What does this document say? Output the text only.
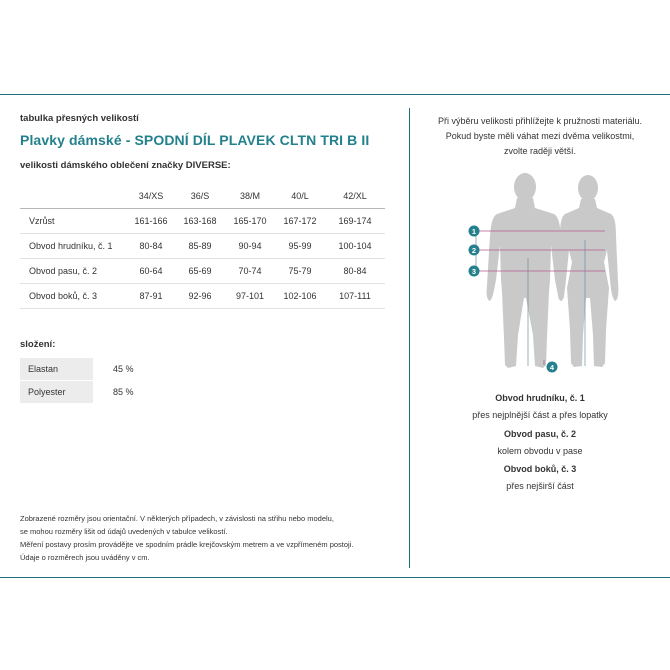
tabulka přesných velikostí

Plavky dámské - SPODNÍ DÍL PLAVEK CLTN TRI B II

velikosti dámského oblečení značky DIVERSE:

	34/XS	36/S	38/M	40/L	42/XL
Vzrůst	161-166	163-168	165-170	167-172	169-174
Obvod hrudníku, č. 1	80-84	85-89	90-94	95-99	100-104
Obvod pasu, č. 2	60-64	65-69	70-74	75-79	80-84
Obvod boků, č. 3	87-91	92-96	97-101	102-106	107-111

složení:

Elastan	45 %
Polyester	85 %
Zobrazené rozměry jsou orientační. V některých případech, v závislosti na střihu nebo modelu,
se mohou rozměry lišit od údajů uvedených v tabulce velikostí.
Měření postavy prosím provádějte ve spodním prádle krejčovským metrem a ve vzpřímeném postoji.
Údaje o rozměrech jsou uváděny v cm.
Při výběru velikosti přihlížejte k pružnosti materiálu.
Pokud byste měli váhat mezi dvěma velikostmi,
zvolte raději větší.
1
2
3
4
Obvod hrudníku, č. 1
přes nejplnější část a přes lopatky
Obvod pasu, č. 2
kolem obvodu v pase
Obvod boků, č. 3
přes nejširší část
